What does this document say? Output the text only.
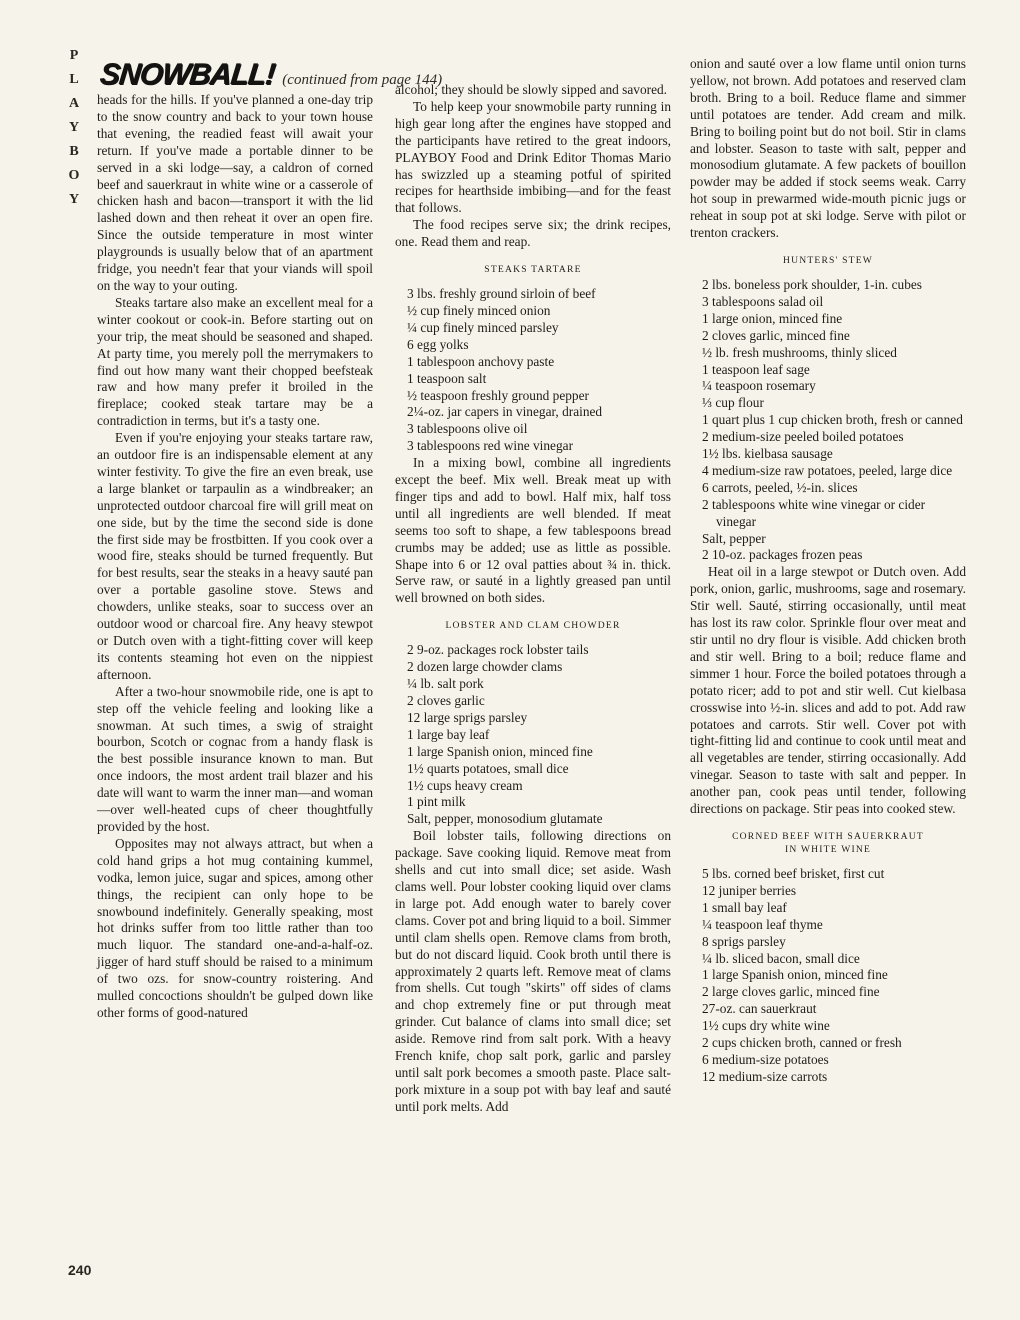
P
L
A
Y
B
O
Y
SNOWBALL! (continued from page 144)

heads for the hills. If you've planned a one-day trip to the snow country and back to your town house that evening, the readied feast will await your return. If you've made a portable dinner to be served in a ski lodge—say, a caldron of corned beef and sauerkraut in white wine or a casserole of chicken hash and bacon—transport it with the lid lashed down and then reheat it over an open fire. Since the outside temperature in most winter playgrounds is usually below that of an apartment fridge, you needn't fear that your viands will spoil on the way to your outing.

Steaks tartare also make an excellent meal for a winter cookout or cook-in. Before starting out on your trip, the meat should be seasoned and shaped. At party time, you merely poll the merrymakers to find out how many want their chopped beefsteak raw and how many prefer it broiled in the fireplace; cooked steak tartare may be a contradiction in terms, but it's a tasty one.

Even if you're enjoying your steaks tartare raw, an outdoor fire is an indispensable element at any winter festivity. To give the fire an even break, use a large blanket or tarpaulin as a windbreaker; an unprotected outdoor charcoal fire will grill meat on one side, but by the time the second side is done the first side may be frostbitten. If you cook over a wood fire, steaks should be turned frequently. But for best results, sear the steaks in a heavy sauté pan over a portable gasoline stove. Stews and chowders, unlike steaks, soar to success over an outdoor wood or charcoal fire. Any heavy stewpot or Dutch oven with a tight-fitting cover will keep its contents steaming hot even on the nippiest afternoon.

After a two-hour snowmobile ride, one is apt to step off the vehicle feeling and looking like a snowman. At such times, a swig of straight bourbon, Scotch or cognac from a handy flask is the best possible insurance known to man. But once indoors, the most ardent trail blazer and his date will want to warm the inner man—and woman—over well-heated cups of cheer thoughtfully provided by the host.

Opposites may not always attract, but when a cold hand grips a hot mug containing kummel, vodka, lemon juice, sugar and spices, among other things, the recipient can only hope to be snowbound indefinitely. Generally speaking, most hot drinks suffer from too little rather than too much liquor. The standard one-and-a-half-oz. jigger of hard stuff should be raised to a minimum of two ozs. for snow-country roistering. And mulled concoctions shouldn't be gulped down like other forms of good-natured

alcohol; they should be slowly sipped and savored.

To help keep your snowmobile party running in high gear long after the engines have stopped and the participants have retired to the great indoors, PLAYBOY Food and Drink Editor Thomas Mario has swizzled up a steaming potful of spirited recipes for hearthside imbibing—and for the feast that follows.

The food recipes serve six; the drink recipes, one. Read them and reap.

STEAKS TARTARE
3 lbs. freshly ground sirloin of beef
½ cup finely minced onion
¼ cup finely minced parsley
6 egg yolks
1 tablespoon anchovy paste
1 teaspoon salt
½ teaspoon freshly ground pepper
2¼-oz. jar capers in vinegar, drained
3 tablespoons olive oil
3 tablespoons red wine vinegar

In a mixing bowl, combine all ingredients except the beef. Mix well. Break meat up with finger tips and add to bowl. Half mix, half toss until all ingredients are well blended. If meat seems too soft to shape, a few tablespoons bread crumbs may be added; use as little as possible. Shape into 6 or 12 oval patties about ¾ in. thick. Serve raw, or sauté in a lightly greased pan until well browned on both sides.

LOBSTER AND CLAM CHOWDER
2 9-oz. packages rock lobster tails
2 dozen large chowder clams
¼ lb. salt pork
2 cloves garlic
12 large sprigs parsley
1 large bay leaf
1 large Spanish onion, minced fine
1½ quarts potatoes, small dice
1½ cups heavy cream
1 pint milk
Salt, pepper, monosodium glutamate

Boil lobster tails, following directions on package. Save cooking liquid. Remove meat from shells and cut into small dice; set aside. Wash clams well. Pour lobster cooking liquid over clams in large pot. Add enough water to barely cover clams. Cover pot and bring liquid to a boil. Simmer until clam shells open. Remove clams from broth, but do not discard liquid. Cook broth until there is approximately 2 quarts left. Remove meat of clams from shells. Cut tough "skirts" off sides of clams and chop extremely fine or put through meat grinder. Cut balance of clams into small dice; set aside. Remove rind from salt pork. With a heavy French knife, chop salt pork, garlic and parsley until salt pork becomes a smooth paste. Place salt-pork mixture in a soup pot with bay leaf and sauté until pork melts. Add

onion and sauté over a low flame until onion turns yellow, not brown. Add potatoes and reserved clam broth. Bring to a boil. Reduce flame and simmer until potatoes are tender. Add cream and milk. Bring to boiling point but do not boil. Stir in clams and lobster. Season to taste with salt, pepper and monosodium glutamate. A few packets of bouillon powder may be added if stock seems weak. Carry hot soup in prewarmed wide-mouth picnic jugs or reheat in soup pot at ski lodge. Serve with pilot or trenton crackers.

HUNTERS' STEW
2 lbs. boneless pork shoulder, 1-in. cubes
3 tablespoons salad oil
1 large onion, minced fine
2 cloves garlic, minced fine
½ lb. fresh mushrooms, thinly sliced
1 teaspoon leaf sage
¼ teaspoon rosemary
⅓ cup flour
1 quart plus 1 cup chicken broth, fresh or canned
2 medium-size peeled boiled potatoes
1½ lbs. kielbasa sausage
4 medium-size raw potatoes, peeled, large dice
6 carrots, peeled, ½-in. slices
2 tablespoons white wine vinegar or cider vinegar
Salt, pepper
2 10-oz. packages frozen peas

Heat oil in a large stewpot or Dutch oven. Add pork, onion, garlic, mushrooms, sage and rosemary. Stir well. Sauté, stirring occasionally, until meat has lost its raw color. Sprinkle flour over meat and stir until no dry flour is visible. Add chicken broth and stir well. Bring to a boil; reduce flame and simmer 1 hour. Force the boiled potatoes through a potato ricer; add to pot and stir well. Cut kielbasa crosswise into ½-in. slices and add to pot. Add raw potatoes and carrots. Stir well. Cover pot with tight-fitting lid and continue to cook until meat and all vegetables are tender, stirring occasionally. Add vinegar. Season to taste with salt and pepper. In another pan, cook peas until tender, following directions on package. Stir peas into cooked stew.

CORNED BEEF WITH SAUERKRAUT
IN WHITE WINE
5 lbs. corned beef brisket, first cut
12 juniper berries
1 small bay leaf
¼ teaspoon leaf thyme
8 sprigs parsley
¼ lb. sliced bacon, small dice
1 large Spanish onion, minced fine
2 large cloves garlic, minced fine
27-oz. can sauerkraut
1½ cups dry white wine
2 cups chicken broth, canned or fresh
6 medium-size potatoes
12 medium-size carrots
240
